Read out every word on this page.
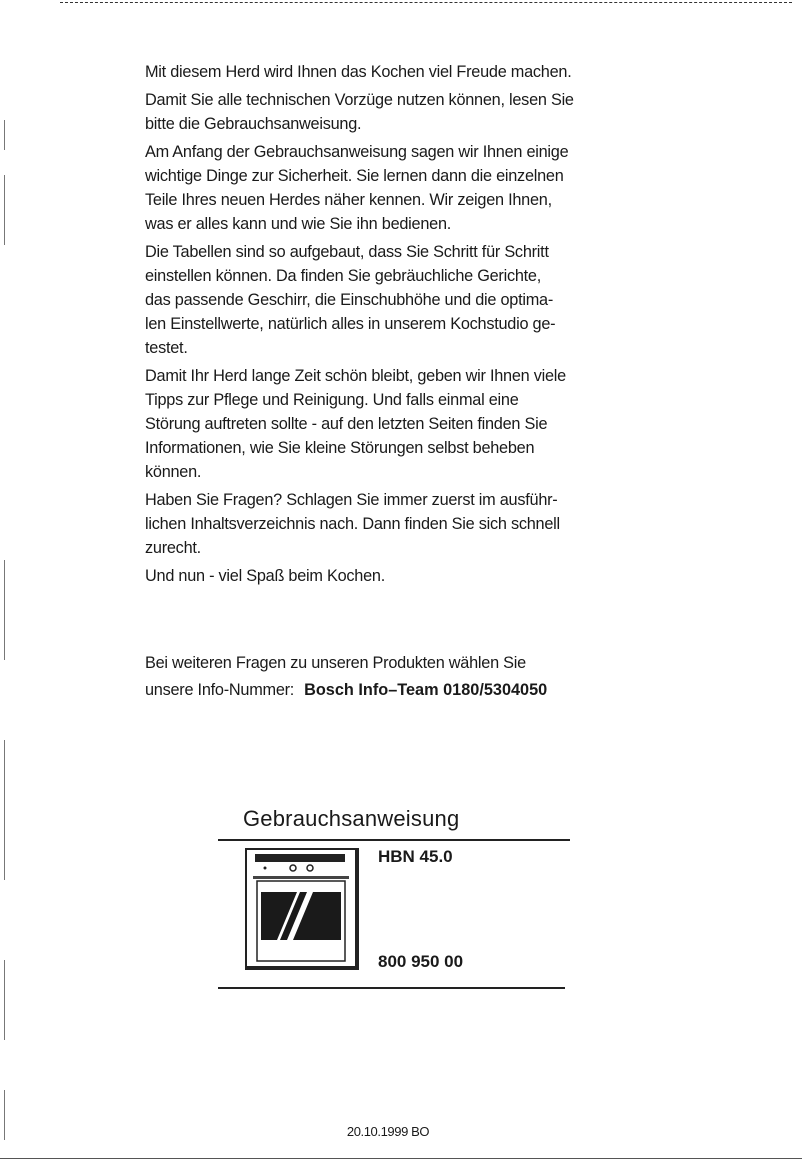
Mit diesem Herd wird Ihnen das Kochen viel Freude machen.
Damit Sie alle technischen Vorzüge nutzen können, lesen Sie
bitte die Gebrauchsanweisung.
Am Anfang der Gebrauchsanweisung sagen wir Ihnen einige
wichtige Dinge zur Sicherheit. Sie lernen dann die einzelnen
Teile Ihres neuen Herdes näher kennen. Wir zeigen Ihnen,
was er alles kann und wie Sie ihn bedienen.
Die Tabellen sind so aufgebaut, dass Sie Schritt für Schritt
einstellen können. Da finden Sie gebräuchliche Gerichte,
das passende Geschirr, die Einschubhöhe und die optima-
len Einstellwerte, natürlich alles in unserem Kochstudio ge-
testet.
Damit Ihr Herd lange Zeit schön bleibt, geben wir Ihnen viele
Tipps zur Pflege und Reinigung. Und falls einmal eine
Störung auftreten sollte - auf den letzten Seiten finden Sie
Informationen, wie Sie kleine Störungen selbst beheben
können.
Haben Sie Fragen? Schlagen Sie immer zuerst im ausführ-
lichen Inhaltsverzeichnis nach. Dann finden Sie sich schnell
zurecht.
Und nun - viel Spaß beim Kochen.
Bei weiteren Fragen zu unseren Produkten wählen Sie
unsere Info-Nummer: Bosch Info–Team 0180/5304050
Gebrauchsanweisung
HBN 45.0
800 950 00
20.10.1999 BO
